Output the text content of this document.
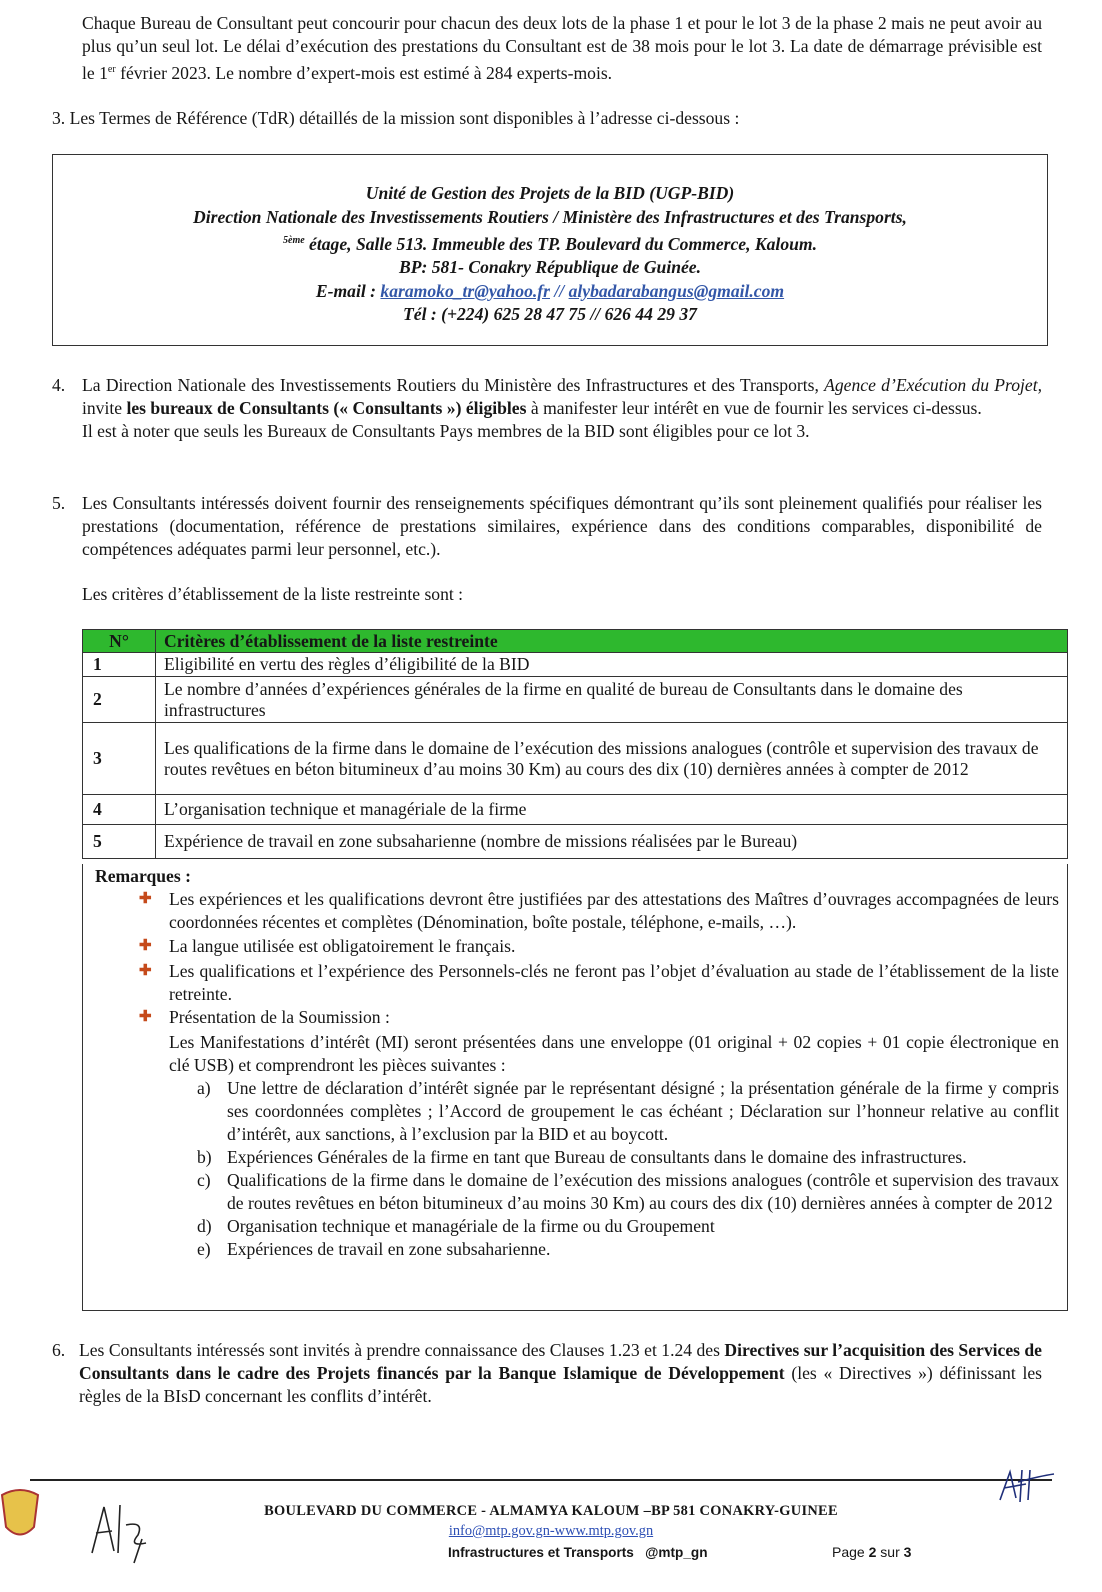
Chaque Bureau de Consultant peut concourir pour chacun des deux lots de la phase 1 et pour le lot 3 de la phase 2 mais ne peut avoir au plus qu’un seul lot. Le délai d’exécution des prestations du Consultant est de 38 mois pour le lot 3. La date de démarrage prévisible est le 1er février 2023. Le nombre d’expert-mois est estimé à 284 experts-mois.

3. Les Termes de Référence (TdR) détaillés de la mission sont disponibles à l’adresse ci-dessous :
Unité de Gestion des Projets de la BID (UGP-BID)
Direction Nationale des Investissements Routiers / Ministère des Infrastructures et des Transports,
$^{5ème}$ étage, Salle 513. Immeuble des TP. Boulevard du Commerce, Kaloum.
BP: 581- Conakry République de Guinée.
E-mail : karamoko_tr@yahoo.fr // alybadarabangus@gmail.com
Tél : (+224) 625 28 47 75 // 626 44 29 37
4. La Direction Nationale des Investissements Routiers du Ministère des Infrastructures et des Transports, Agence d’Exécution du Projet, invite les bureaux de Consultants (« Consultants ») éligibles à manifester leur intérêt en vue de fournir les services ci-dessus.

Il est à noter que seuls les Bureaux de Consultants Pays membres de la BID sont éligibles pour ce lot 3.

5. Les Consultants intéressés doivent fournir des renseignements spécifiques démontrant qu’ils sont pleinement qualifiés pour réaliser les prestations (documentation, référence de prestations similaires, expérience dans des conditions comparables, disponibilité de compétences adéquates parmi leur personnel, etc.).

Les critères d’établissement de la liste restreinte sont :
N°	Critères d’établissement de la liste restreinte
1	Eligibilité en vertu des règles d’éligibilité de la BID
2	Le nombre d’années d’expériences générales de la firme en qualité de bureau de Consultants dans le domaine des infrastructures
3	Les qualifications de la firme dans le domaine de l’exécution des missions analogues (contrôle et supervision des travaux de routes revêtues en béton bitumineux d’au moins 30 Km) au cours des dix (10) dernières années à compter de 2012
4	L’organisation technique et managériale de la firme
5	Expérience de travail en zone subsaharienne (nombre de missions réalisées par le Bureau)
Remarques :
✚ Les expériences et les qualifications devront être justifiées par des attestations des Maîtres d’ouvrages accompagnées de leurs coordonnées récentes et complètes (Dénomination, boîte postale, téléphone, e-mails, …).

✚ La langue utilisée est obligatoirement le français.

✚ Les qualifications et l’expérience des Personnels-clés ne feront pas l’objet d’évaluation au stade de l’établissement de la liste retreinte.

✚ Présentation de la Soumission :

Les Manifestations d’intérêt (MI) seront présentées dans une enveloppe (01 original + 02 copies + 01 copie électronique en clé USB) et comprendront les pièces suivantes :

a) Une lettre de déclaration d’intérêt signée par le représentant désigné ; la présentation générale de la firme y compris ses coordonnées complètes ; l’Accord de groupement le cas échéant ; Déclaration sur l’honneur relative au conflit d’intérêt, aux sanctions, à l’exclusion par la BID et au boycott.

b) Expériences Générales de la firme en tant que Bureau de consultants dans le domaine des infrastructures.

c) Qualifications de la firme dans le domaine de l’exécution des missions analogues (contrôle et supervision des travaux de routes revêtues en béton bitumineux d’au moins 30 Km) au cours des dix (10) dernières années à compter de 2012

d) Organisation technique et managériale de la firme ou du Groupement

e) Expériences de travail en zone subsaharienne.

6. Les Consultants intéressés sont invités à prendre connaissance des Clauses 1.23 et 1.24 des Directives sur l’acquisition des Services de Consultants dans le cadre des Projets financés par la Banque Islamique de Développement (les « Directives ») définissant les règles de la BIsD concernant les conflits d’intérêt.

BOULEVARD DU COMMERCE - ALMAMYA KALOUM –BP 581 CONAKRY-GUINEE
info@mtp.gov.gn-www.mtp.gov.gn
Infrastructures et Transports   @mtp_gn	Page 2 sur 3
